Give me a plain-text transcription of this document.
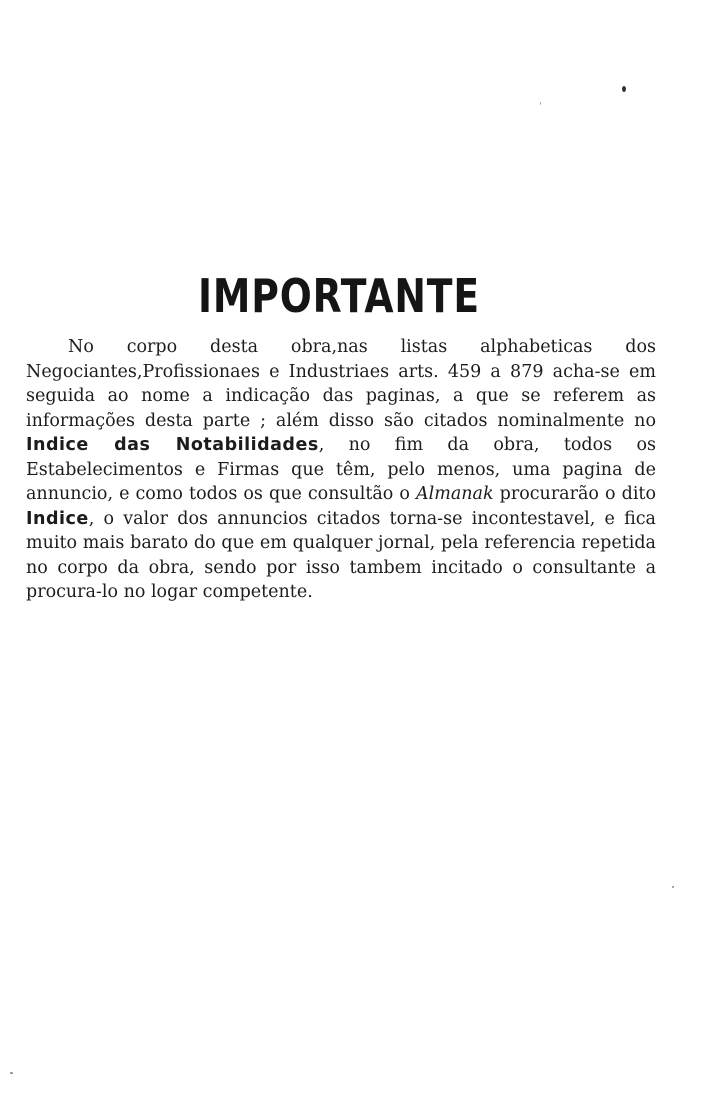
IMPORTANTE

No corpo desta obra,nas listas alphabeticas dos Negociantes,Profissionaes e Industriaes arts. 459 a 879 acha-se em seguida ao nome a indicação das paginas, a que se referem as informações desta parte ; além disso são citados nominalmente no Indice das Notabilidades, no fim da obra, todos os Estabelecimentos e Firmas que têm, pelo menos, uma pagina de annuncio, e como todos os que consultão o Almanak procurarão o dito Indice, o valor dos annuncios citados torna-se incontestavel, e fica muito mais barato do que em qualquer jornal, pela referencia repetida no corpo da obra, sendo por isso tambem incitado o consultante a procura-lo no logar competente.
